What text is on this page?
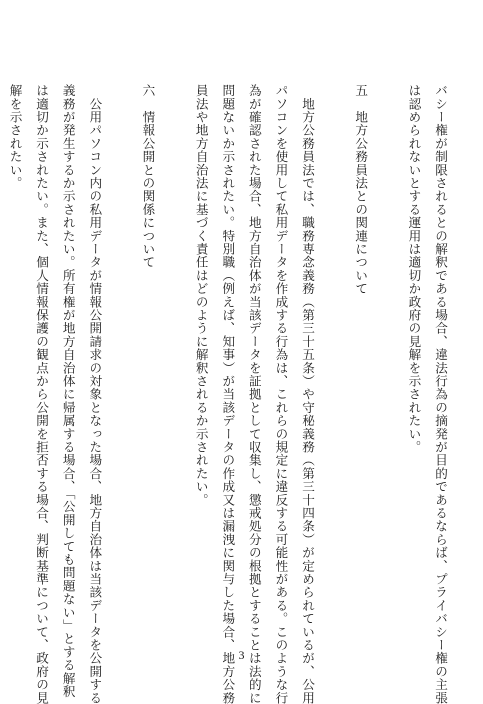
バシー権が制限されるとの解釈である場合、違法行為の摘発が目的であるならば、プライバシー権の主張

は認められないとする運用は適切か政府の見解を示されたい。

五　地方公務員法との関連について

　地方公務員法では、職務専念義務（第三十五条）や守秘義務（第三十四条）が定められているが、公用

パソコンを使用して私用データを作成する行為は、これらの規定に違反する可能性がある。このような行

為が確認された場合、地方自治体が当該データを証拠として収集し、懲戒処分の根拠とすることは法的に

問題ないか示されたい。特別職（例えば、知事）が当該データの作成又は漏洩に関与した場合、地方公務

員法や地方自治法に基づく責任はどのように解釈されるか示されたい。

六　情報公開との関係について

　公用パソコン内の私用データが情報公開請求の対象となった場合、地方自治体は当該データを公開する

義務が発生するか示されたい。所有権が地方自治体に帰属する場合、「公開しても問題ない」とする解釈

は適切か示されたい。また、個人情報保護の観点から公開を拒否する場合、判断基準について、政府の見

解を示されたい。

3
